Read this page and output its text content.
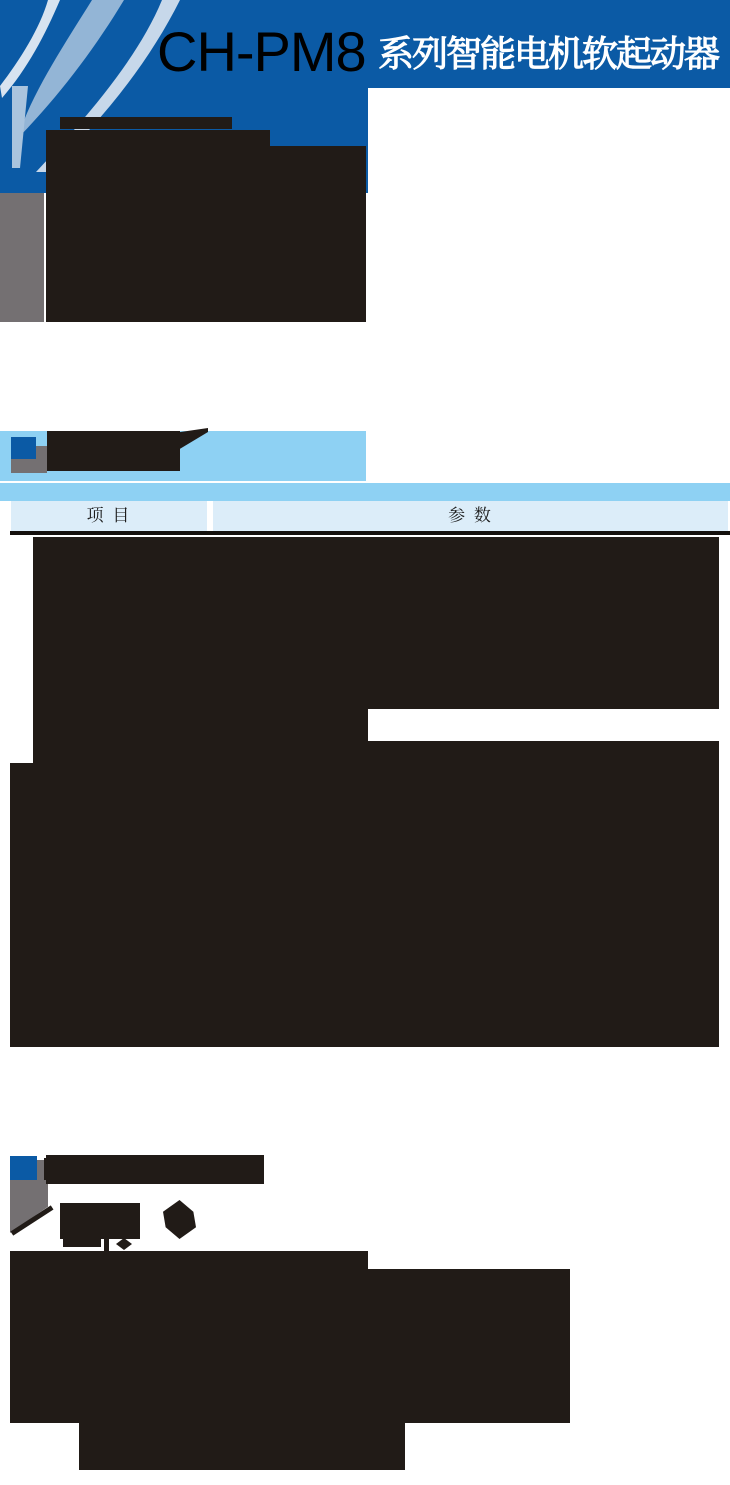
CH-PM8 系列智能电机软起动器
项 目	参 数
